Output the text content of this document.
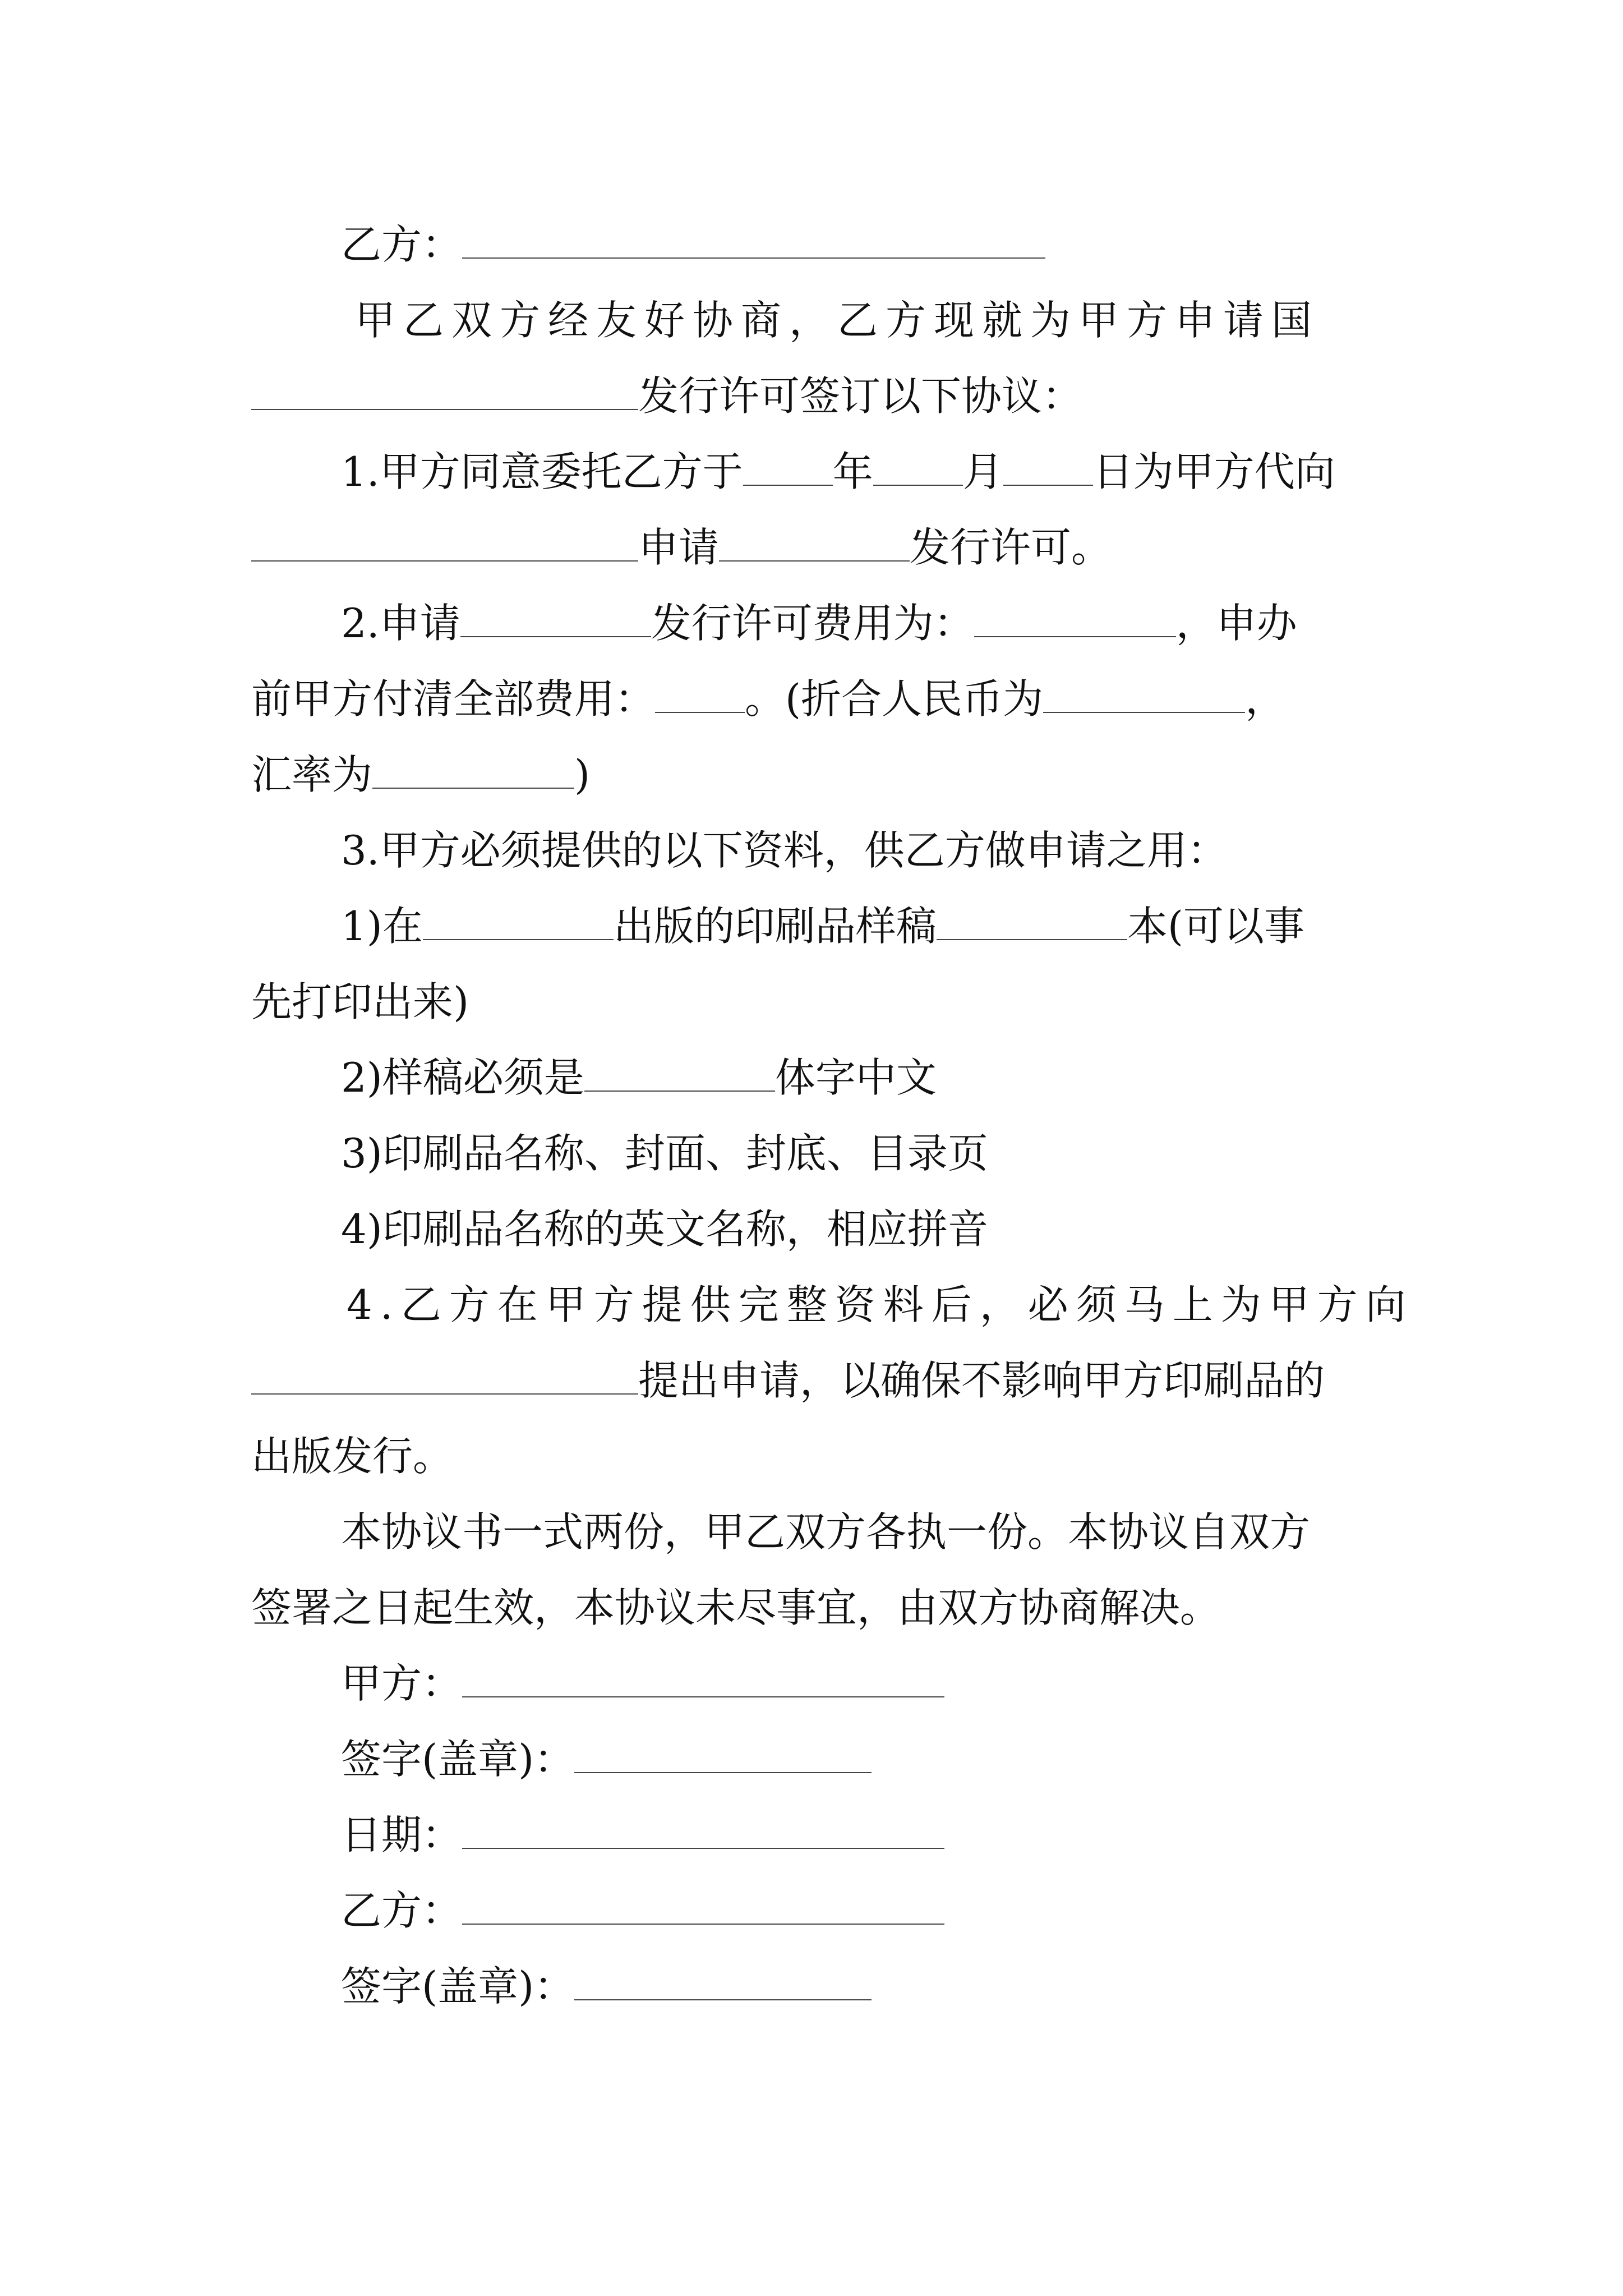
乙方：
甲乙双方经友好协商，乙方现就为甲方申请国
发行许可签订以下协议：
1.甲方同意委托乙方于 年 月 日为甲方代向
申请	发行许可。
2.申请	发行许可费用为：	，申办
前甲方付清全部费用： 。(折合人民币为	，
汇率为	)
3.甲方必须提供的以下资料，供乙方做申请之用：
1)在	出版的印刷品样稿	本(可以事
先打印出来)
2)样稿必须是	体字中文
3)印刷品名称、封面、封底、目录页
4)印刷品名称的英文名称，相应拼音
4.乙方在甲方提供完整资料后，必须马上为甲方向
提出申请，以确保不影响甲方印刷品的
出版发行。
本协议书一式两份，甲乙双方各执一份。本协议自双方
签署之日起生效，本协议未尽事宜，由双方协商解决。
甲方：
签字(盖章)：
日期：
乙方：
签字(盖章)：
